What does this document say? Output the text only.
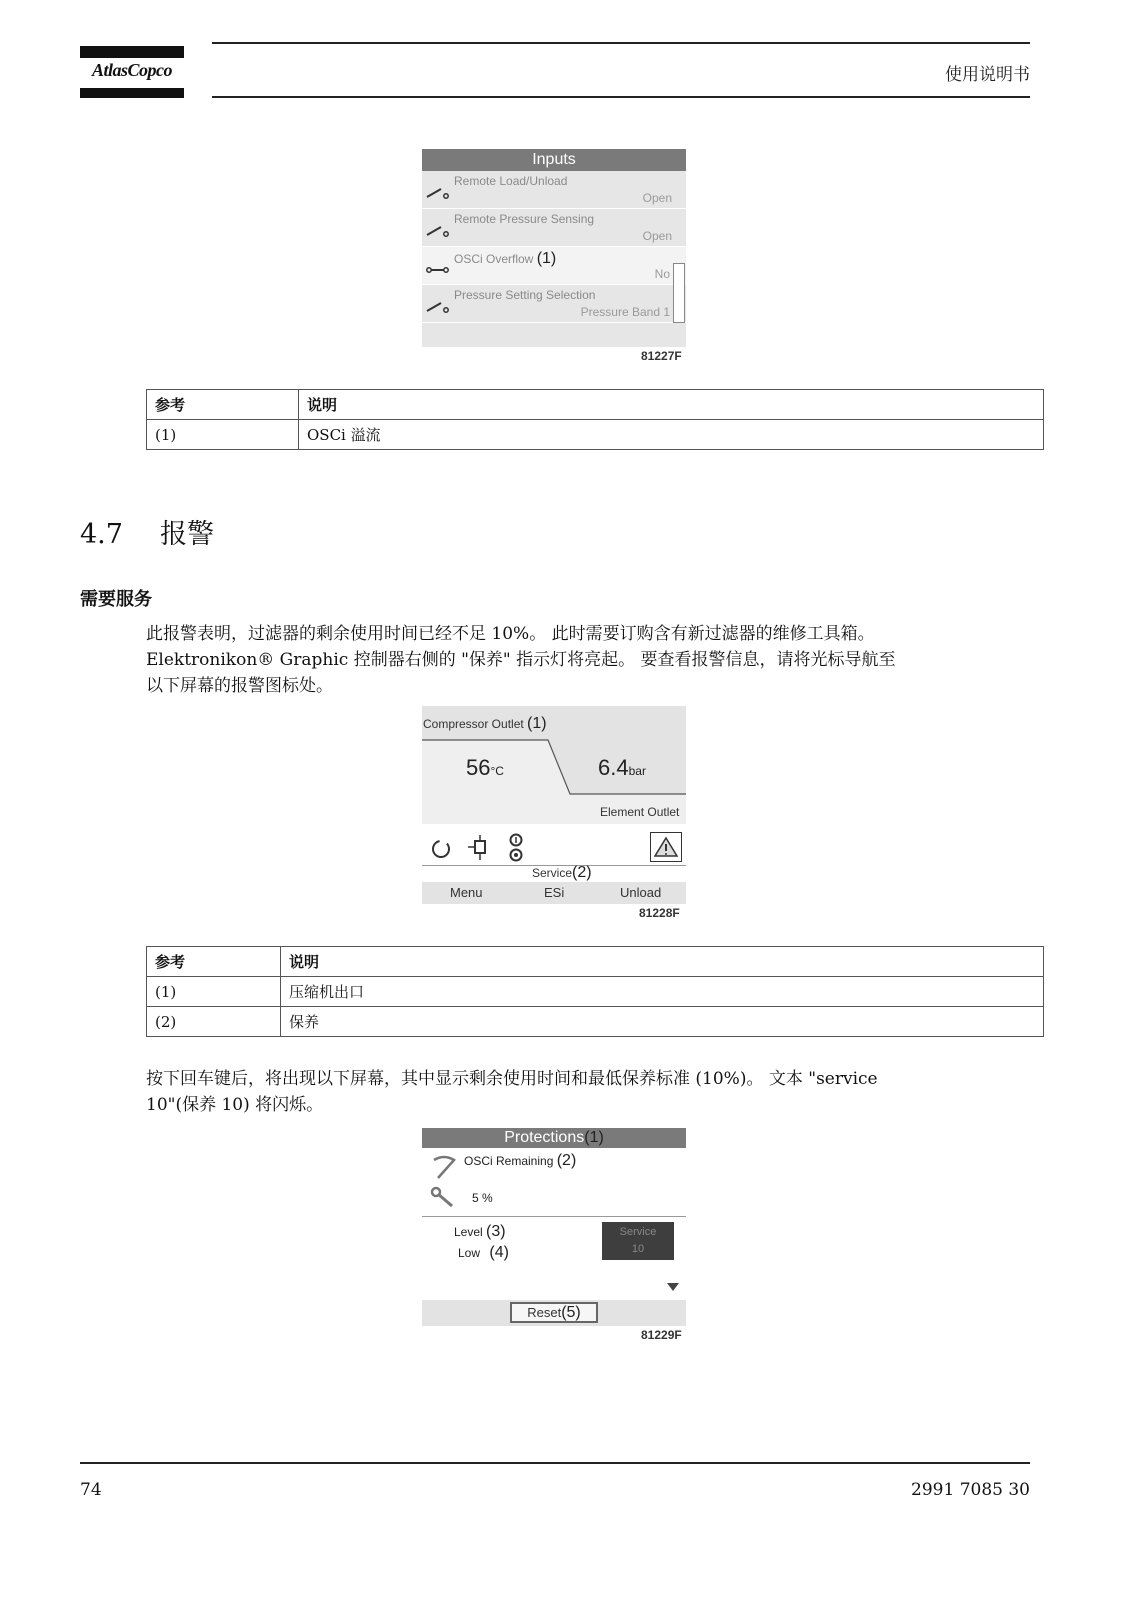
AtlasCopco	使用说明书
Inputs
Remote Load/Unload
Open
Remote Pressure Sensing
Open
OSCi Overflow (1)
No
Pressure Setting Selection
Pressure Band 1
81227F
参考	说明
(1)	OSCi 溢流
4.7 报警
需要服务
此报警表明，过滤器的剩余使用时间已经不足 10%。 此时需要订购含有新过滤器的维修工具箱。
Elektronikon® Graphic 控制器右侧的 "保养" 指示灯将亮起。 要查看报警信息，请将光标导航至
以下屏幕的报警图标处。
Compressor Outlet (1)
56°C	6.4bar
Element Outlet
Service(2)
Menu	ESi	Unload
81228F
参考	说明
(1)	压缩机出口
(2)	保养
按下回车键后，将出现以下屏幕，其中显示剩余使用时间和最低保养标准 (10%)。 文本 "service
10"(保养 10) 将闪烁。
Protections(1)
OSCi Remaining (2)
5 %
Level (3)
Low (4)
Service
10
Reset(5)
81229F
74	2991 7085 30
